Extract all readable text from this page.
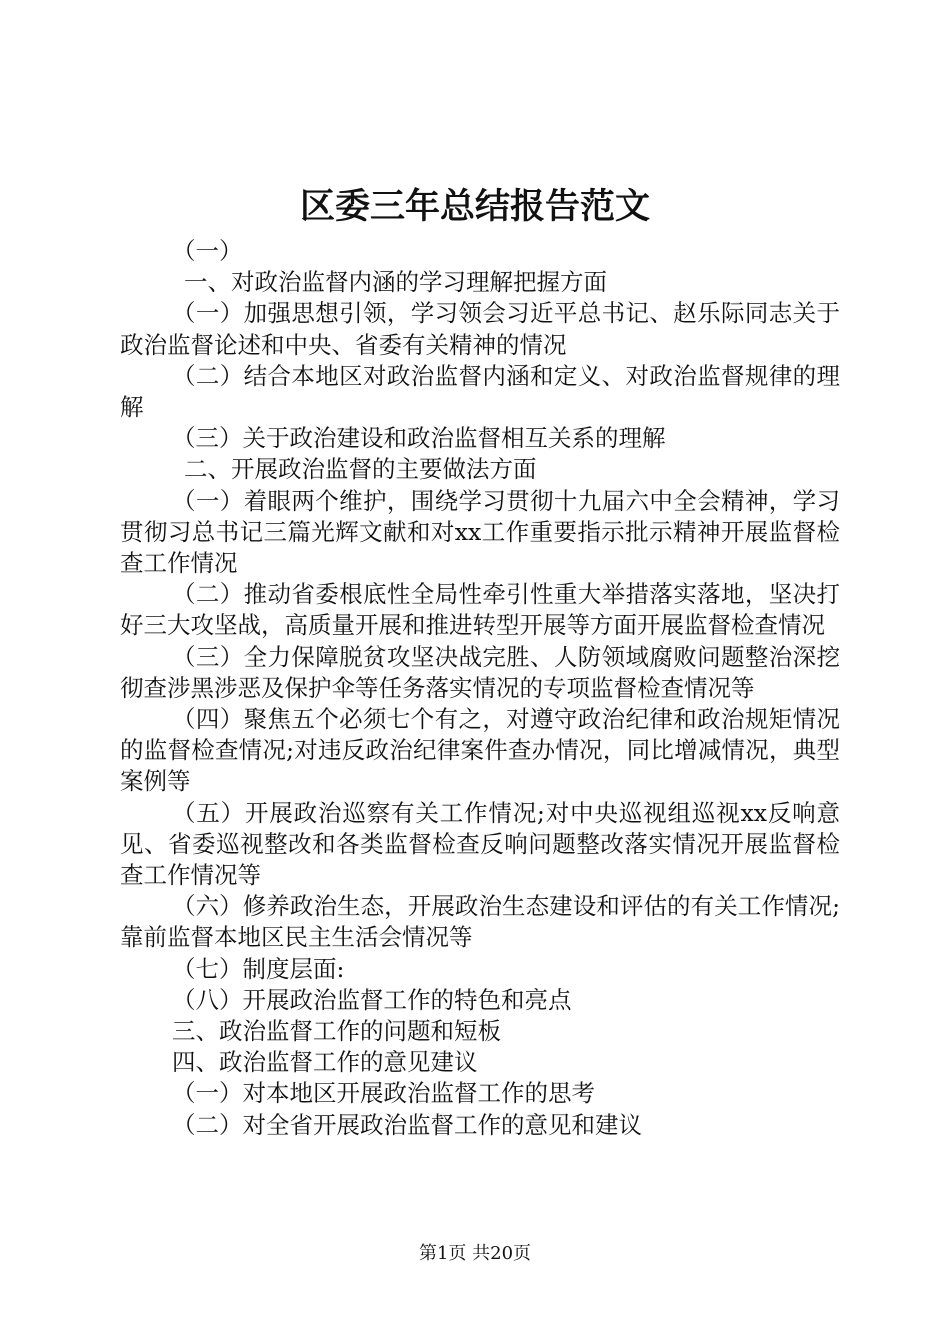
区委三年总结报告范文

（一）

一、对政治监督内涵的学习理解把握方面

（一）加强思想引领，学习领会习近平总书记、赵乐际同志关于政治监督论述和中央、省委有关精神的情况

（二）结合本地区对政治监督内涵和定义、对政治监督规律的理解

（三）关于政治建设和政治监督相互关系的理解

二、开展政治监督的主要做法方面

（一）着眼两个维护，围绕学习贯彻十九届六中全会精神，学习贯彻习总书记三篇光辉文献和对xx工作重要指示批示精神开展监督检查工作情况

（二）推动省委根底性全局性牵引性重大举措落实落地，坚决打好三大攻坚战，高质量开展和推进转型开展等方面开展监督检查情况

（三）全力保障脱贫攻坚决战完胜、人防领域腐败问题整治深挖彻查涉黑涉恶及保护伞等任务落实情况的专项监督检查情况等

（四）聚焦五个必须七个有之，对遵守政治纪律和政治规矩情况的监督检查情况;对违反政治纪律案件查办情况，同比增减情况，典型案例等

（五）开展政治巡察有关工作情况;对中央巡视组巡视xx反响意见、省委巡视整改和各类监督检查反响问题整改落实情况开展监督检查工作情况等

（六）修养政治生态，开展政治生态建设和评估的有关工作情况;靠前监督本地区民主生活会情况等

（七）制度层面:

（八）开展政治监督工作的特色和亮点

三、政治监督工作的问题和短板

四、政治监督工作的意见建议

（一）对本地区开展政治监督工作的思考

（二）对全省开展政治监督工作的意见和建议

第1页 共20页
